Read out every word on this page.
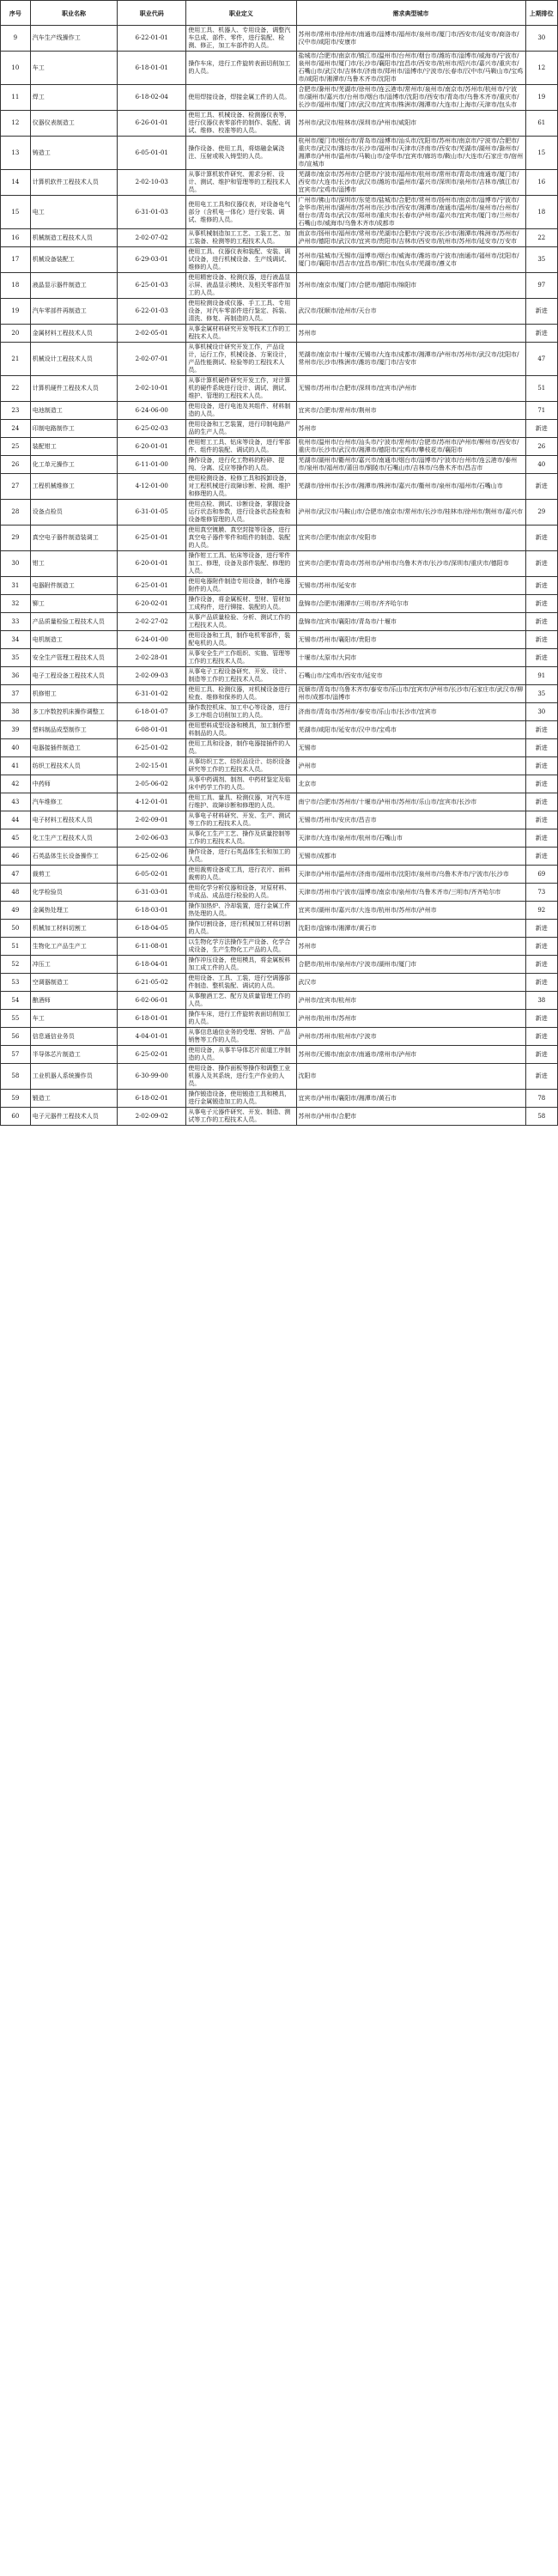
序号	职业名称	职业代码	职业定义	需求典型城市	上期排位
9	汽车生产线操作工	6-22-01-01	使用工具、机器人、专用设备，调整汽车总成、部件、零件，进行装配、检测、修正，加工车部件的人员。	苏州市/常州市/徐州市/南通市/淄博市/福州市/泉州市/厦门市/西安市/延安市/商洛市/汉中市/咸阳市/安康市	30
10	车工	6-18-01-01	操作车床，进行工件旋转表面切削加工的人员。	盐城市/合肥市/南京市/镇江市/温州市/台州市/烟台市/潍坊市/淄博市/威海市/宁波市/泉州市/福州市/厦门市/长沙市/襄阳市/宜昌市/西安市/杭州市/绍兴市/嘉兴市/重庆市/石嘴山市/武汉市/吉林市/济南市/郑州市/淄博市/宁波市/长春市/汉中市/马鞍山市/宝鸡市/咸阳市/湘潭市/乌鲁木齐市/沈阳市	12
11	焊工	6-18-02-04	使用焊接设备，焊接金属工件的人员。	合肥市/滁州市/芜湖市/徐州市/连云港市/常州市/泉州市/南京市/苏州市/杭州市/宁波市/湖州市/嘉兴市/台州市/烟台市/淄博市/沈阳市/西安市/青岛市/乌鲁木齐市/重庆市/长沙市/福州市/厦门市/武汉市/宜宾市/株洲市/湘潭市/大连市/上海市/天津市/包头市	19
12	仪器仪表制造工	6-26-01-01	使用工具、机械设备、检测器仪表等，进行仪器仪表零部件的制作、装配、调试、维修、校准等的人员。	苏州市/武汉市/桂林市/深圳市/泸州市/咸阳市	61
13	铸造工	6-05-01-01	操作设备、使用工具，将熔融金属浇注、压射或吸入铸型的人员。	杭州市/厦门市/烟台市/青岛市/淄博市/汕头市/沈阳市/苏州市/南京市/宁波市/合肥市/重庆市/武汉市/潍坊市/长沙市/福州市/天津市/济南市/西安市/芜湖市/湖州市/滁州市/湘潭市/泸州市/温州市/马鞍山市/金华市/宜宾市/廊坊市/鞍山市/大连市/石家庄市/宿州市/宣城市	15
14	计算机软件工程技术人员	2-02-10-03	从事计算机软件研究、需求分析、设计、测试、维护和管理等的工程技术人员。	芜湖市/南京市/苏州市/合肥市/宁波市/福州市/杭州市/常州市/青岛市/南通市/厦门市/西安市/大连市/长沙市/武汉市/潍坊市/温州市/嘉兴市/深圳市/泉州市/吉林市/镇江市/宜宾市/宝鸡市/淄博市	16
15	电工	6-31-01-03	使用电工工具和仪器仪表，对设备电气部分（含机电一体化）进行安装、调试、维修的人员。	广州市/佛山市/深圳市/东莞市/盐城市/合肥市/常州市/扬州市/南京市/淄博市/宁波市/金华市/杭州市/湖州市/苏州市/长沙市/西安市/湘潭市/南通市/温州市/泉州市/台州市/烟台市/青岛市/武汉市/郑州市/重庆市/长春市/泸州市/嘉兴市/宜宾市/厦门市/兰州市/石嘴山市/威海市/乌鲁木齐市/成都市	18
16	机械制造工程技术人员	2-02-07-02	从事机械制造加工工艺、工装工艺、加工装备、检测等的工程技术人员。	南京市/扬州市/福州市/常州市/芜湖市/合肥市/宁波市/长沙市/湘潭市/株洲市/苏州市/泸州市/德阳市/武汉市/宜宾市/贵阳市/吉林市/西安市/杭州市/苏州市/延安市/万安市	22
17	机械设备装配工	6-29-03-01	使用工具、仪器仪表和装配、安装、调试设备，进行机械设备、生产线调试、维修的人员。	苏州市/盐城市/无锡市/淄博市/烟台市/威海市/潍坊市/宁波市/南通市/福州市/沈阳市/厦门市/襄阳市/昌吉市/宜昌市/铜仁市/包头市/芜湖市/遵义市	35
18	液晶显示器件制造工	6-25-01-03	使用精密设备、检测仪器，进行液晶显示屏、液晶显示模块、及相关零部件加工的人员。	苏州市/南京市/厦门市/合肥市/德阳市/绵阳市	97
19	汽车零部件再制造工	6-22-01-03	使用检测设备或仪器、手工工具、专用设备，对汽车零部件进行鉴定、拆装、清洗、修复、再制造的人员。	武汉市/抚顺市/沧州市/天台市	新进
20	金属材料工程技术人员	2-02-05-01	从事金属材料研究开发等技术工作的工程技术人员。	苏州市	新进
21	机械设计工程技术人员	2-02-07-01	从事机械设计研究开发工作，产品设计，运行工作，机械设备、方案设计，产品性能测试、检验等的工程技术人员。	芜湖市/南京市/十堰市/无锡市/大连市/成都市/湘潭市/泸州市/苏州市/武汉市/沈阳市/常州市/长沙市/株洲市/潍坊市/厦门市/吉安市	47
22	计算机硬件工程技术人员	2-02-10-01	从事计算机硬件研究开发工作，对计算机的硬件系统进行设计、调试、测试、维护、管理的工程技术人员。	无锡市/苏州市/合肥市/深圳市/宜宾市/泸州市	51
23	电池制造工	6-24-06-00	使用设备，进行电池及其组件、材料制造的人员。	宜宾市/合肥市/常州市/荆州市	71
24	印制电路制作工	6-25-02-03	使用设备和工艺装置，进行印制电路产品的生产人员。	苏州市	新进
25	装配钳工	6-20-01-01	使用钳工工具、钻床等设备，进行零部件、组件的装配、调试的人员。	杭州市/温州市/台州市/汕头市/宁波市/常州市/合肥市/苏州市/泸州市/柳州市/西安市/重庆市/长沙市/武汉市/湘潭市/德阳市/宝鸡市/攀枝花市/襄阳市	26
26	化工单元操作工	6-11-01-00	操作设备，进行化工物料的粉碎、提纯、分离、反应等操作的人员。	芜湖市/湖州市/衢州市/嘉兴市/南通市/烟台市/淄博市/宁波市/台州市/连云港市/泰州市/泉州市/福州市/莆田市/铜陵市/石嘴山市/吉林市/乌鲁木齐市/昌吉市	40
27	工程机械维修工	4-12-01-00	使用检测设备、检修工具和拆卸设备，对工程机械进行故障诊断、检测、维护和修理的人员。	芜湖市/徐州市/长沙市/湘潭市/株洲市/嘉兴市/衢州市/泉州市/福州市/石嘴山市	新进
28	设备点检员	6-31-01-05	使用点检、测试、诊断设备，掌握设备运行状态和参数，进行设备状态检查和设备维修管理的人员。	泸州市/武汉市/马鞍山市/合肥市/南京市/常州市/长沙市/桂林市/徐州市/荆州市/嘉兴市	29
29	真空电子器件制造装调工	6-25-01-01	使用真空镀膜、真空封接等设备，进行真空电子器件零件和组件的制造、装配的人员。	宜宾市/合肥市/南京市/安阳市	新进
30	钳工	6-20-01-01	操作钳工工具、钻床等设备，进行零件加工、修理，设备及部件装配、修理的人员。	宜宾市/合肥市/青岛市/苏州市/泸州市/乌鲁木齐市/长沙市/深圳市/重庆市/德阳市	新进
31	电器附件制造工	6-25-01-01	使用电器附件制造专用设备，制作电器附件的人员。	无锡市/苏州市/延安市	新进
32	铆工	6-20-02-01	操作设备，将金属板材、型材、管材加工成构件，进行铆接、装配的人员。	盘锦市/合肥市/湘潭市/三明市/齐齐哈尔市	新进
33	产品质量检验工程技术人员	2-02-27-02	从事产品质量检验、分析、测试工作的工程技术人员。	盘锦市/宜宾市/襄阳市/青岛市/十堰市	新进
34	电机制造工	6-24-01-00	使用设备和工具，制作电机零部件，装配电机的人员。	无锡市/苏州市/襄阳市/贵阳市	新进
35	安全生产管理工程技术人员	2-02-28-01	从事安全生产工作组织、实施、管理等工作的工程技术人员。	十堰市/太原市/大同市	新进
36	电子工程设备工程技术人员	2-02-09-03	从事电子工程设备研究、开发、设计、制造等工作的工程技术人员。	石嘴山市/宝鸡市/西安市/延安市	91
37	机修钳工	6-31-01-02	使用工具、检测仪器，对机械设备进行检查、维修和保养的人员。	抚顺市/青岛市/乌鲁木齐市/泰安市/乐山市/宜宾市/泸州市/长沙市/石家庄市/武汉市/柳州市/成都市/淄博市	35
38	多工序数控机床操作调整工	6-18-01-07	操作数控机床、加工中心等设备，进行多工序组合切削加工的人员。	济南市/青岛市/苏州市/泰安市/乐山市/长沙市/宜宾市	30
39	塑料制品成型制作工	6-08-01-01	使用塑料成型设备和模具，加工制作塑料制品的人员。	芜湖市/咸阳市/延安市/汉中市/宝鸡市	新进
40	电器接插件制造工	6-25-01-02	使用工具和设备，制作电器接插件的人员。	无锡市	新进
41	纺织工程技术人员	2-02-15-01	从事纺织工艺、纺织品设计、纺织设备研究等工作的工程技术人员。	泸州市	新进
42	中药师	2-05-06-02	从事中药调剂、制剂、中药材鉴定及临床中药学工作的人员。	北京市	新进
43	汽车维修工	4-12-01-01	使用工具、量具、检测仪器，对汽车进行维护、故障诊断和修理的人员。	南宁市/合肥市/苏州市/十堰市/泸州市/苏州市/乐山市/宜宾市/长沙市	新进
44	电子材料工程技术人员	2-02-09-01	从事电子材料研究、开发、生产、测试等工作的工程技术人员。	无锡市/苏州市/安庆市/昌吉市	新进
45	化工生产工程技术人员	2-02-06-03	从事化工生产工艺、操作及质量控制等工作的工程技术人员。	天津市/大连市/泉州市/杭州市/石嘴山市	新进
46	石英晶体生长设备操作工	6-25-02-06	操作设备，进行石英晶体生长和加工的人员。	无锡市/成都市	新进
47	裁剪工	6-05-02-01	使用裁剪设备或工具，进行衣片、面料裁剪的人员。	天津市/泸州市/温州市/济南市/福州市/沈阳市/泉州市/乌鲁木齐市/宁波市/长沙市	69
48	化学检验员	6-31-03-01	使用化学分析仪器和设备，对原材料、半成品、成品进行检验的人员。	天津市/苏州市/宁波市/淄博市/南京市/泉州市/乌鲁木齐市/三明市/齐齐哈尔市	73
49	金属热处理工	6-18-03-01	操作加热炉、冷却装置，进行金属工件热处理的人员。	宜宾市/湖州市/嘉兴市/大连市/杭州市/苏州市/泸州市	92
50	机械加工材料切割工	6-18-04-05	操作切割设备，进行机械加工材料切割的人员。	沈阳市/盘锦市/湘潭市/黄石市	新进
51	生物化工产品生产工	6-11-08-01	以生物化学方法操作生产设备、化学合成设备，生产生物化工产品的人员。	苏州市	新进
52	冲压工	6-18-04-01	操作冲压设备，使用模具，将金属板料加工成工件的人员。	合肥市/杭州市/泉州市/宁波市/湖州市/厦门市	新进
53	空调器制造工	6-21-05-02	使用设备、工具、工装，进行空调器部件制造、整机装配、调试的人员。	武汉市	新进
54	酿酒师	6-02-06-01	从事酿酒工艺、配方及质量管理工作的人员。	泸州市/宜宾市/杭州市	38
55	车工	6-18-01-01	操作车床，进行工件旋转表面切削加工的人员。	泸州市/杭州市/苏州市	新进
56	信息通信业务员	4-04-01-01	从事信息通信业务的受理、营销、产品销售等工作的人员。	泸州市/苏州市/杭州市/宁波市	新进
57	半导体芯片制造工	6-25-02-01	使用设备，从事半导体芯片前道工序制造的人员。	苏州市/无锡市/南京市/南通市/常州市/泸州市	新进
58	工业机器人系统操作员	6-30-99-00	使用设备、操作面板等操作和调整工业机器人及其系统，进行生产作业的人员。	沈阳市	新进
59	锻造工	6-18-02-01	操作锻造设备，使用锻造工具和模具，进行金属锻造加工的人员。	宜宾市/泸州市/襄阳市/湘潭市/黄石市	78
60	电子元器件工程技术人员	2-02-09-02	从事电子元器件研究、开发、制造、测试等工作的工程技术人员。	苏州市/泸州市/合肥市	58
